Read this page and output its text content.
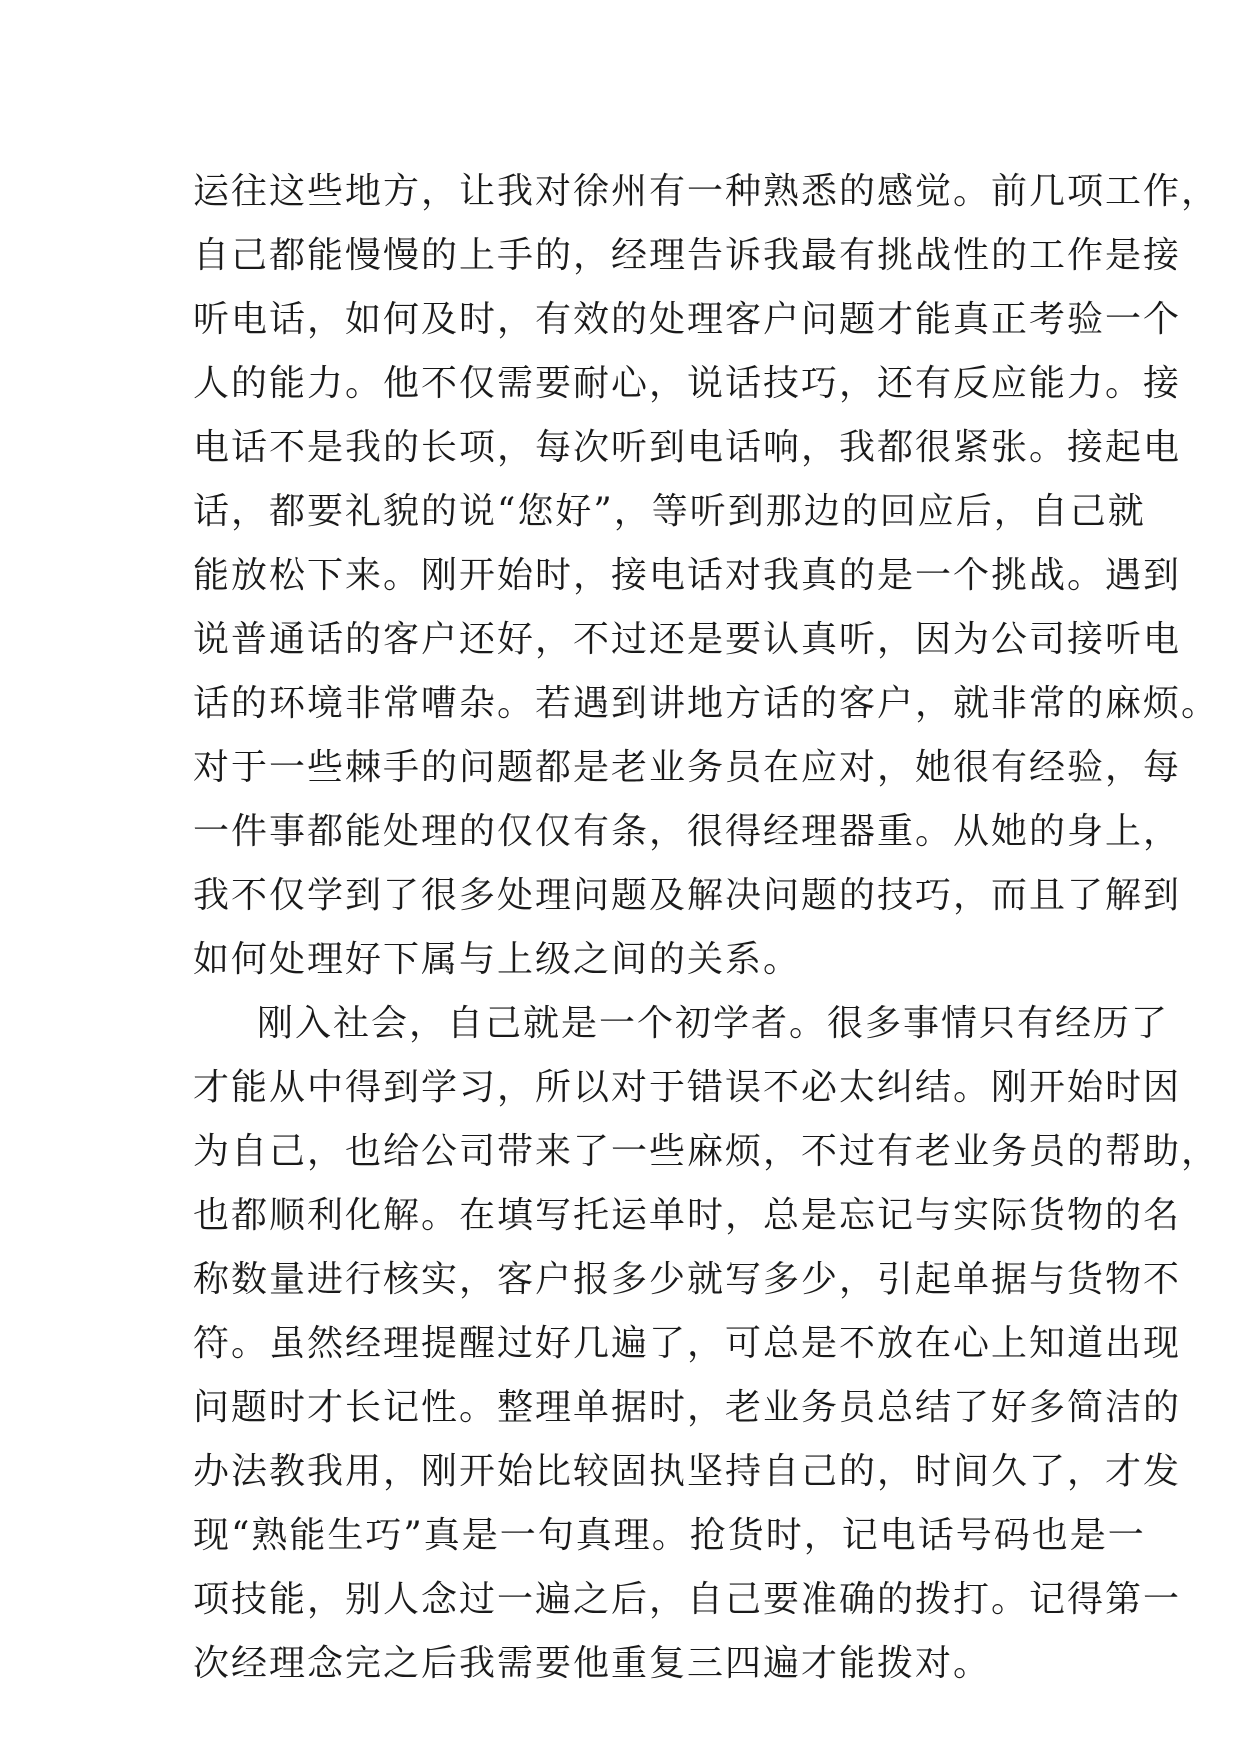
运往这些地方，让我对徐州有一种熟悉的感觉。前几项工作，
自己都能慢慢的上手的，经理告诉我最有挑战性的工作是接
听电话，如何及时，有效的处理客户问题才能真正考验一个
人的能力。他不仅需要耐心，说话技巧，还有反应能力。接
电话不是我的长项，每次听到电话响，我都很紧张。接起电
话，都要礼貌的说“您好”，等听到那边的回应后，自己就
能放松下来。刚开始时，接电话对我真的是一个挑战。遇到
说普通话的客户还好，不过还是要认真听，因为公司接听电
话的环境非常嘈杂。若遇到讲地方话的客户，就非常的麻烦。
对于一些棘手的问题都是老业务员在应对，她很有经验，每
一件事都能处理的仅仅有条，很得经理器重。从她的身上，
我不仅学到了很多处理问题及解决问题的技巧，而且了解到
如何处理好下属与上级之间的关系。
刚入社会，自己就是一个初学者。很多事情只有经历了
才能从中得到学习，所以对于错误不必太纠结。刚开始时因
为自己，也给公司带来了一些麻烦，不过有老业务员的帮助，
也都顺利化解。在填写托运单时，总是忘记与实际货物的名
称数量进行核实，客户报多少就写多少，引起单据与货物不
符。虽然经理提醒过好几遍了，可总是不放在心上知道出现
问题时才长记性。整理单据时，老业务员总结了好多简洁的
办法教我用，刚开始比较固执坚持自己的，时间久了，才发
现“熟能生巧”真是一句真理。抢货时，记电话号码也是一
项技能，别人念过一遍之后，自己要准确的拨打。记得第一
次经理念完之后我需要他重复三四遍才能拨对。
